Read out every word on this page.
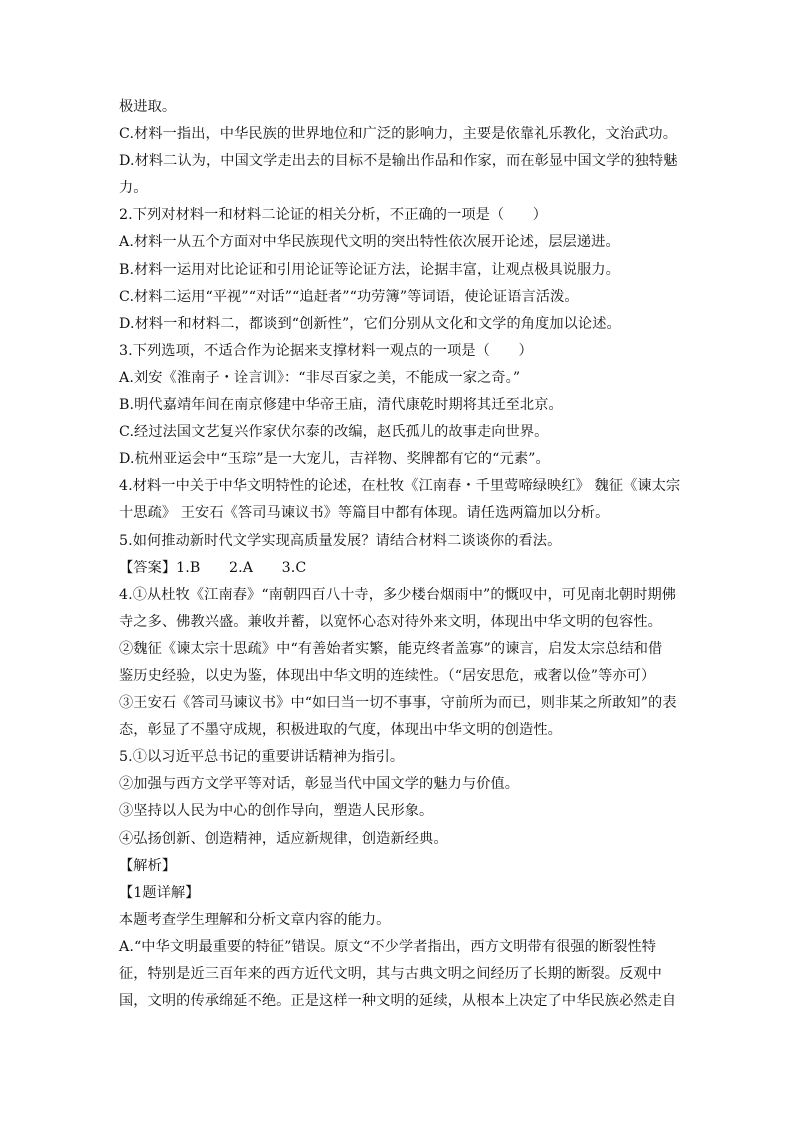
极进取。
C.材料一指出，中华民族的世界地位和广泛的影响力，主要是依靠礼乐教化，文治武功。
D.材料二认为，中国文学走出去的目标不是输出作品和作家，而在彰显中国文学的独特魅
力。
2.下列对材料一和材料二论证的相关分析，不正确的一项是（　　）
A.材料一从五个方面对中华民族现代文明的突出特性依次展开论述，层层递进。
B.材料一运用对比论证和引用论证等论证方法，论据丰富，让观点极具说服力。
C.材料二运用“平视”“对话”“追赶者”“功劳簿”等词语，使论证语言活泼。
D.材料一和材料二，都谈到“创新性”，它们分别从文化和文学的角度加以论述。
3.下列选项，不适合作为论据来支撑材料一观点的一项是（　　）
A.刘安《淮南子・诠言训》：“非尽百家之美，不能成一家之奇。”
B.明代嘉靖年间在南京修建中华帝王庙，清代康乾时期将其迁至北京。
C.经过法国文艺复兴作家伏尔泰的改编，赵氏孤儿的故事走向世界。
D.杭州亚运会中“玉琮”是一大宠儿，吉祥物、奖牌都有它的“元素”。
4.材料一中关于中华文明特性的论述，在杜牧《江南春・千里莺啼绿映红》 魏征《谏太宗
十思疏》 王安石《答司马谏议书》等篇目中都有体现。请任选两篇加以分析。
5.如何推动新时代文学实现高质量发展？请结合材料二谈谈你的看法。
【答案】1.B　　2.A　　3.C
4.①从杜牧《江南春》“南朝四百八十寺，多少楼台烟雨中”的慨叹中，可见南北朝时期佛
寺之多、佛教兴盛。兼收并蓄，以宽怀心态对待外来文明，体现出中华文明的包容性。
②魏征《谏太宗十思疏》中“有善始者实繁，能克终者盖寡”的谏言，启发太宗总结和借
鉴历史经验，以史为鉴，体现出中华文明的连续性。（“居安思危，戒奢以俭”等亦可）
③王安石《答司马谏议书》中“如曰当一切不事事，守前所为而已，则非某之所敢知”的表
态，彰显了不墨守成规，积极进取的气度，体现出中华文明的创造性。
5.①以习近平总书记的重要讲话精神为指引。
②加强与西方文学平等对话，彰显当代中国文学的魅力与价值。
③坚持以人民为中心的创作导向，塑造人民形象。
④弘扬创新、创造精神，适应新规律，创造新经典。
【解析】
【1题详解】
本题考查学生理解和分析文章内容的能力。
A.“中华文明最重要的特征”错误。原文“不少学者指出，西方文明带有很强的断裂性特
征，特别是近三百年来的西方近代文明，其与古典文明之间经历了长期的断裂。反观中
国，文明的传承绵延不绝。正是这样一种文明的延续，从根本上决定了中华民族必然走自
